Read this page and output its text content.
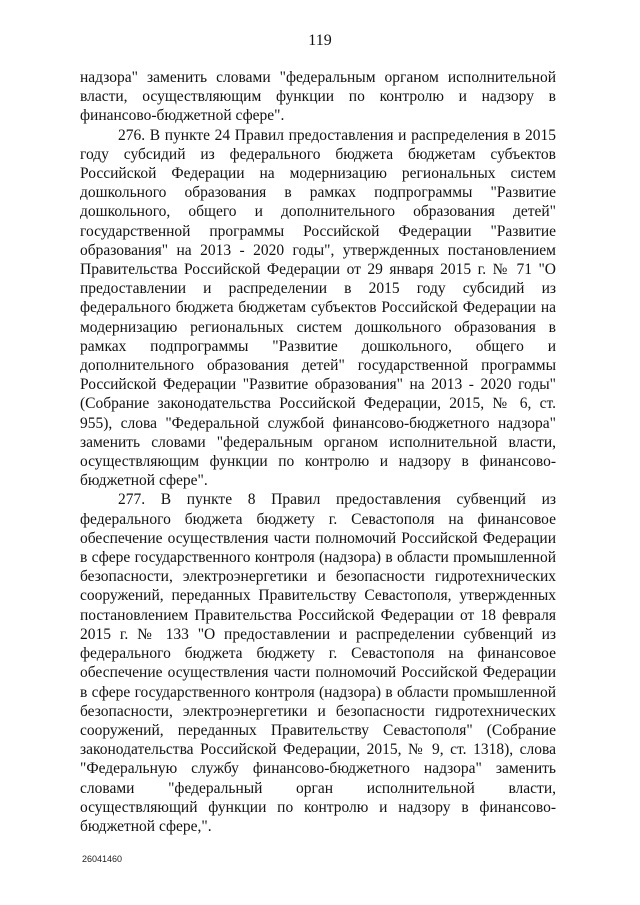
119

надзора" заменить словами "федеральным органом исполнительной власти, осуществляющим функции по контролю и надзору в финансово-бюджетной сфере".

276. В пункте 24 Правил предоставления и распределения в 2015 году субсидий из федерального бюджета бюджетам субъектов Российской Федерации на модернизацию региональных систем дошкольного образования в рамках подпрограммы "Развитие дошкольного, общего и дополнительного образования детей" государственной программы Российской Федерации "Развитие образования" на 2013 - 2020 годы", утвержденных постановлением Правительства Российской Федерации от 29 января 2015 г. № 71 "О предоставлении и распределении в 2015 году субсидий из федерального бюджета бюджетам субъектов Российской Федерации на модернизацию региональных систем дошкольного образования в рамках подпрограммы "Развитие дошкольного, общего и дополнительного образования детей" государственной программы Российской Федерации "Развитие образования" на 2013 - 2020 годы" (Собрание законодательства Российской Федерации, 2015, № 6, ст. 955), слова "Федеральной службой финансово-бюджетного надзора" заменить словами "федеральным органом исполнительной власти, осуществляющим функции по контролю и надзору в финансово-бюджетной сфере".

277. В пункте 8 Правил предоставления субвенций из федерального бюджета бюджету г. Севастополя на финансовое обеспечение осуществления части полномочий Российской Федерации в сфере государственного контроля (надзора) в области промышленной безопасности, электроэнергетики и безопасности гидротехнических сооружений, переданных Правительству Севастополя, утвержденных постановлением Правительства Российской Федерации от 18 февраля 2015 г. № 133 "О предоставлении и распределении субвенций из федерального бюджета бюджету г. Севастополя на финансовое обеспечение осуществления части полномочий Российской Федерации в сфере государственного контроля (надзора) в области промышленной безопасности, электроэнергетики и безопасности гидротехнических сооружений, переданных Правительству Севастополя" (Собрание законодательства Российской Федерации, 2015, № 9, ст. 1318), слова "Федеральную службу финансово-бюджетного надзора" заменить словами "федеральный орган исполнительной власти, осуществляющий функции по контролю и надзору в финансово-бюджетной сфере,".

26041460
